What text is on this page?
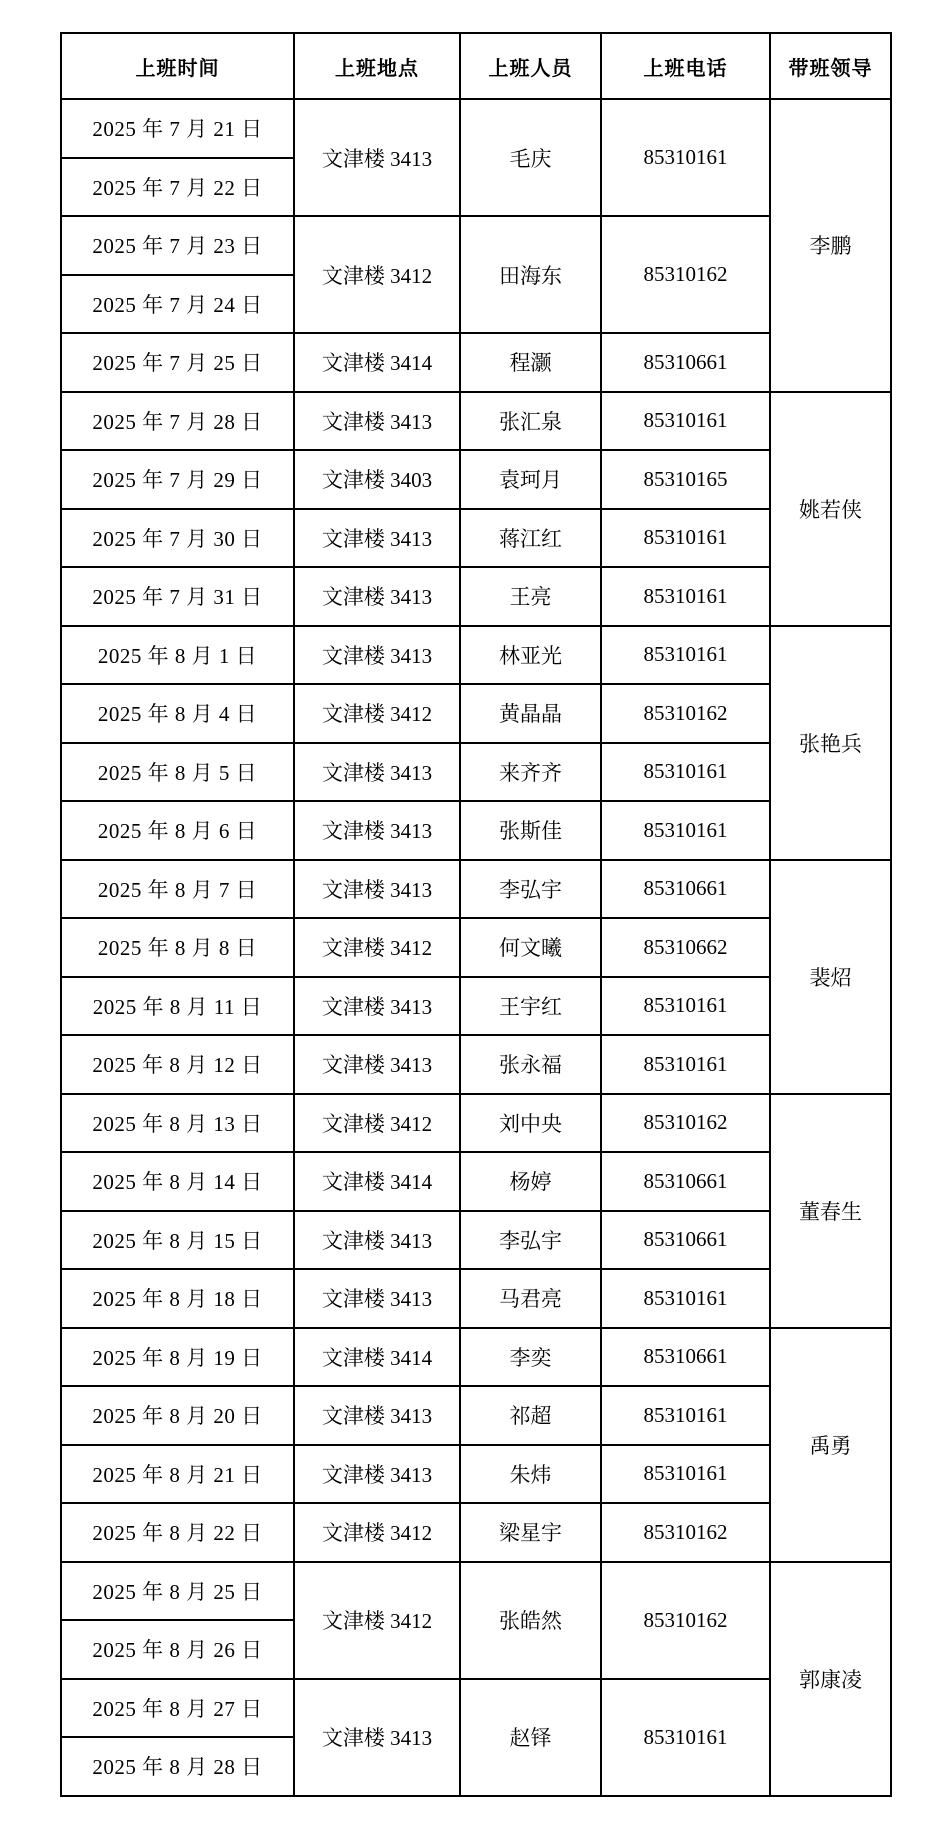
上班时间	上班地点	上班人员	上班电话	带班领导
2025 年 7 月 21 日	文津楼 3413	毛庆	85310161	李鹏
2025 年 7 月 22 日				
2025 年 7 月 23 日	文津楼 3412	田海东	85310162	
2025 年 7 月 24 日				
2025 年 7 月 25 日	文津楼 3414	程灏	85310661	
2025 年 7 月 28 日	文津楼 3413	张汇泉	85310161	姚若侠
2025 年 7 月 29 日	文津楼 3403	袁珂月	85310165	
2025 年 7 月 30 日	文津楼 3413	蒋江红	85310161	
2025 年 7 月 31 日	文津楼 3413	王亮	85310161	
2025 年 8 月 1 日	文津楼 3413	林亚光	85310161	张艳兵
2025 年 8 月 4 日	文津楼 3412	黄晶晶	85310162	
2025 年 8 月 5 日	文津楼 3413	来齐齐	85310161	
2025 年 8 月 6 日	文津楼 3413	张斯佳	85310161	
2025 年 8 月 7 日	文津楼 3413	李弘宇	85310661	裴炤
2025 年 8 月 8 日	文津楼 3412	何文曦	85310662	
2025 年 8 月 11 日	文津楼 3413	王宇红	85310161	
2025 年 8 月 12 日	文津楼 3413	张永福	85310161	
2025 年 8 月 13 日	文津楼 3412	刘中央	85310162	董春生
2025 年 8 月 14 日	文津楼 3414	杨婷	85310661	
2025 年 8 月 15 日	文津楼 3413	李弘宇	85310661	
2025 年 8 月 18 日	文津楼 3413	马君亮	85310161	
2025 年 8 月 19 日	文津楼 3414	李奕	85310661	禹勇
2025 年 8 月 20 日	文津楼 3413	祁超	85310161	
2025 年 8 月 21 日	文津楼 3413	朱炜	85310161	
2025 年 8 月 22 日	文津楼 3412	梁星宇	85310162	
2025 年 8 月 25 日	文津楼 3412	张皓然	85310162	郭康凌
2025 年 8 月 26 日				
2025 年 8 月 27 日	文津楼 3413	赵铎	85310161	
2025 年 8 月 28 日				
